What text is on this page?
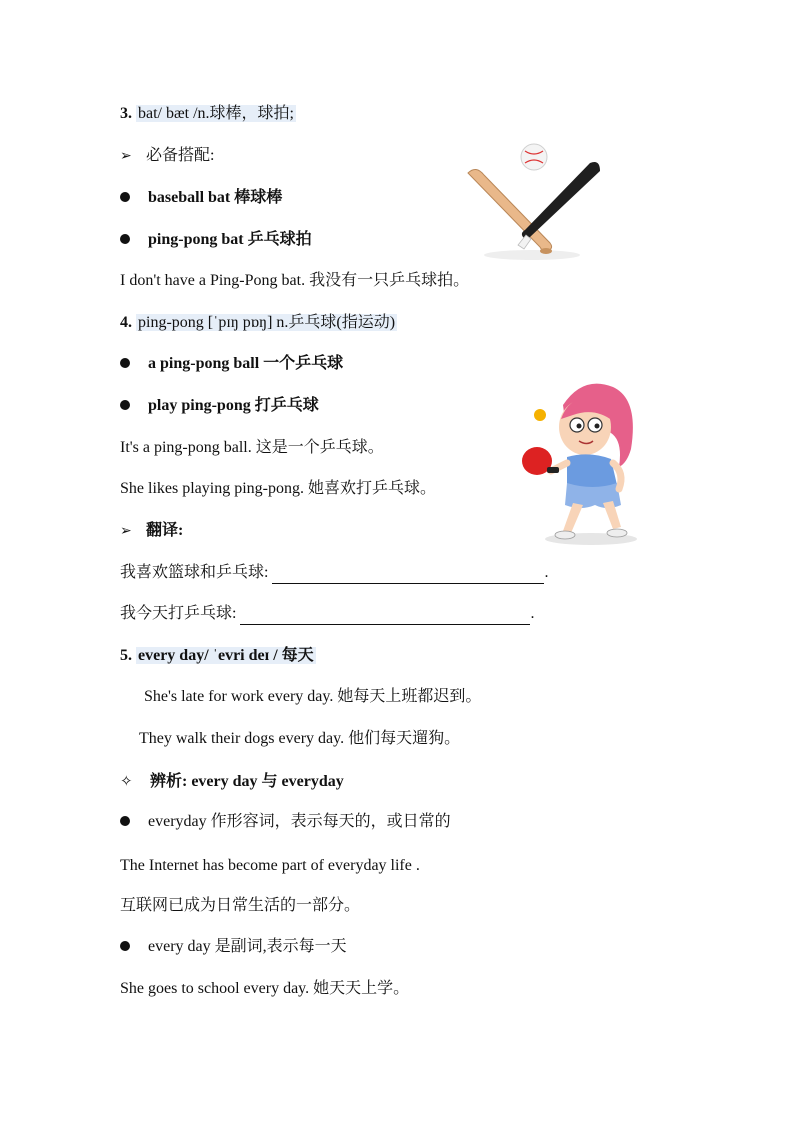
3. bat/ bæt /n.球棒，球拍;
➢ 必备搭配:
baseball bat 棒球棒
ping-pong bat 乒乓球拍
I don't have a Ping-Pong bat. 我没有一只乒乓球拍。
4. ping-pong [ˈpɪŋ pɒŋ] n.乒乓球(指运动)
a ping-pong ball 一个乒乓球
play ping-pong 打乒乓球
It's a ping-pong ball. 这是一个乒乓球。
She likes playing ping-pong. 她喜欢打乒乓球。
➢ 翻译:
我喜欢篮球和乒乓球:	.
我今天打乒乓球:	.
5. every day/ ˈevri deɪ / 每天
She's late for work every day. 她每天上班都迟到。
They walk their dogs every day. 他们每天遛狗。
✧ 辨析: every day 与 everyday
everyday 作形容词，表示每天的，或日常的
The Internet has become part of everyday life .
互联网已成为日常生活的一部分。
every day 是副词,表示每一天
She goes to school every day. 她天天上学。
